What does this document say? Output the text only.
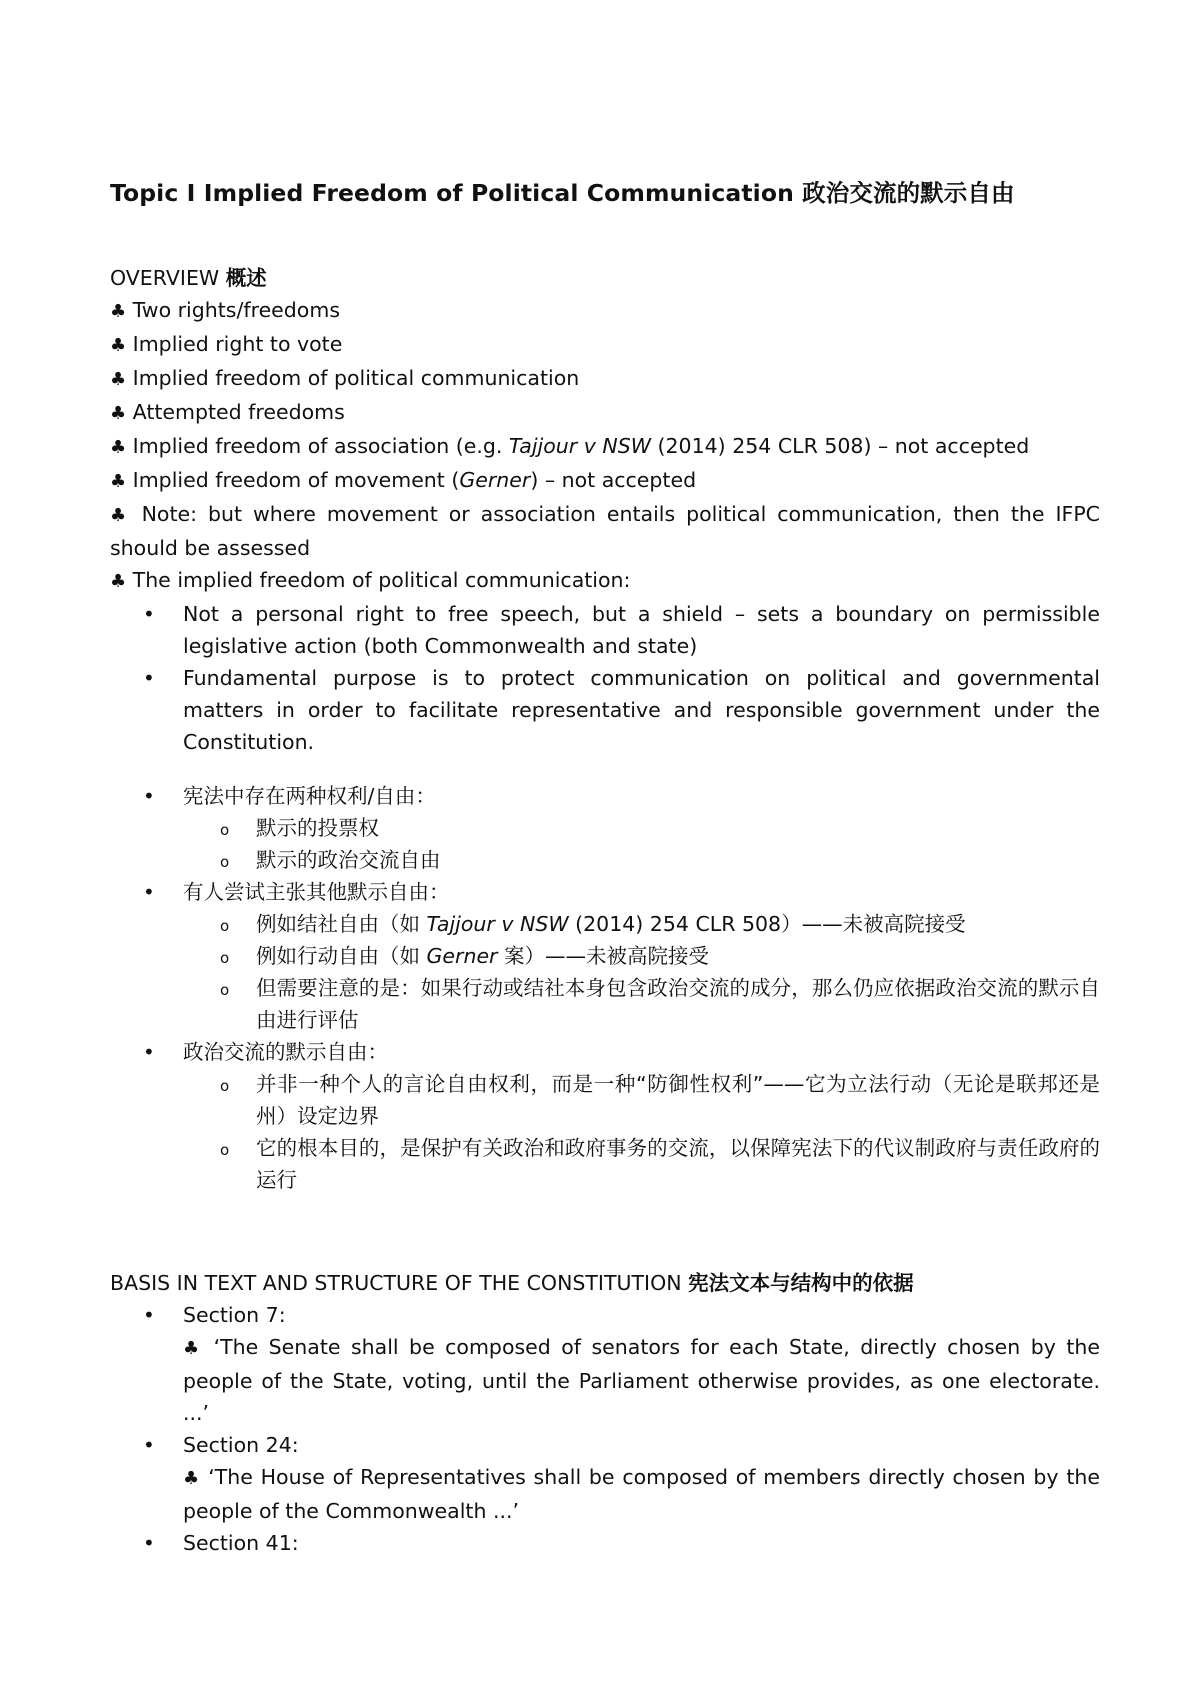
Topic I Implied Freedom of Political Communication 政治交流的默示自由
OVERVIEW 概述
♣ Two rights/freedoms
♣ Implied right to vote
♣ Implied freedom of political communication
♣ Attempted freedoms
♣ Implied freedom of association (e.g. Tajjour v NSW (2014) 254 CLR 508) – not accepted
♣ Implied freedom of movement (Gerner) – not accepted
♣ Note: but where movement or association entails political communication, then the IFPC should be assessed
♣ The implied freedom of political communication:
• Not a personal right to free speech, but a shield – sets a boundary on permissible legislative action (both Commonwealth and state)
• Fundamental purpose is to protect communication on political and governmental matters in order to facilitate representative and responsible government under the Constitution.
• 宪法中存在两种权利/自由：
o 默示的投票权
o 默示的政治交流自由
• 有人尝试主张其他默示自由：
o 例如结社自由（如 Tajjour v NSW (2014) 254 CLR 508）——未被高院接受
o 例如行动自由（如 Gerner 案）——未被高院接受
o 但需要注意的是：如果行动或结社本身包含政治交流的成分，那么仍应依据政治交流的默示自由进行评估
• 政治交流的默示自由：
o 并非一种个人的言论自由权利，而是一种“防御性权利”——它为立法行动（无论是联邦还是州）设定边界
o 它的根本目的，是保护有关政治和政府事务的交流，以保障宪法下的代议制政府与责任政府的运行
BASIS IN TEXT AND STRUCTURE OF THE CONSTITUTION 宪法文本与结构中的依据
• Section 7:
♣ ‘The Senate shall be composed of senators for each State, directly chosen by the people of the State, voting, until the Parliament otherwise provides, as one electorate. ...’
• Section 24:
♣ ‘The House of Representatives shall be composed of members directly chosen by the people of the Commonwealth ...’
• Section 41:
